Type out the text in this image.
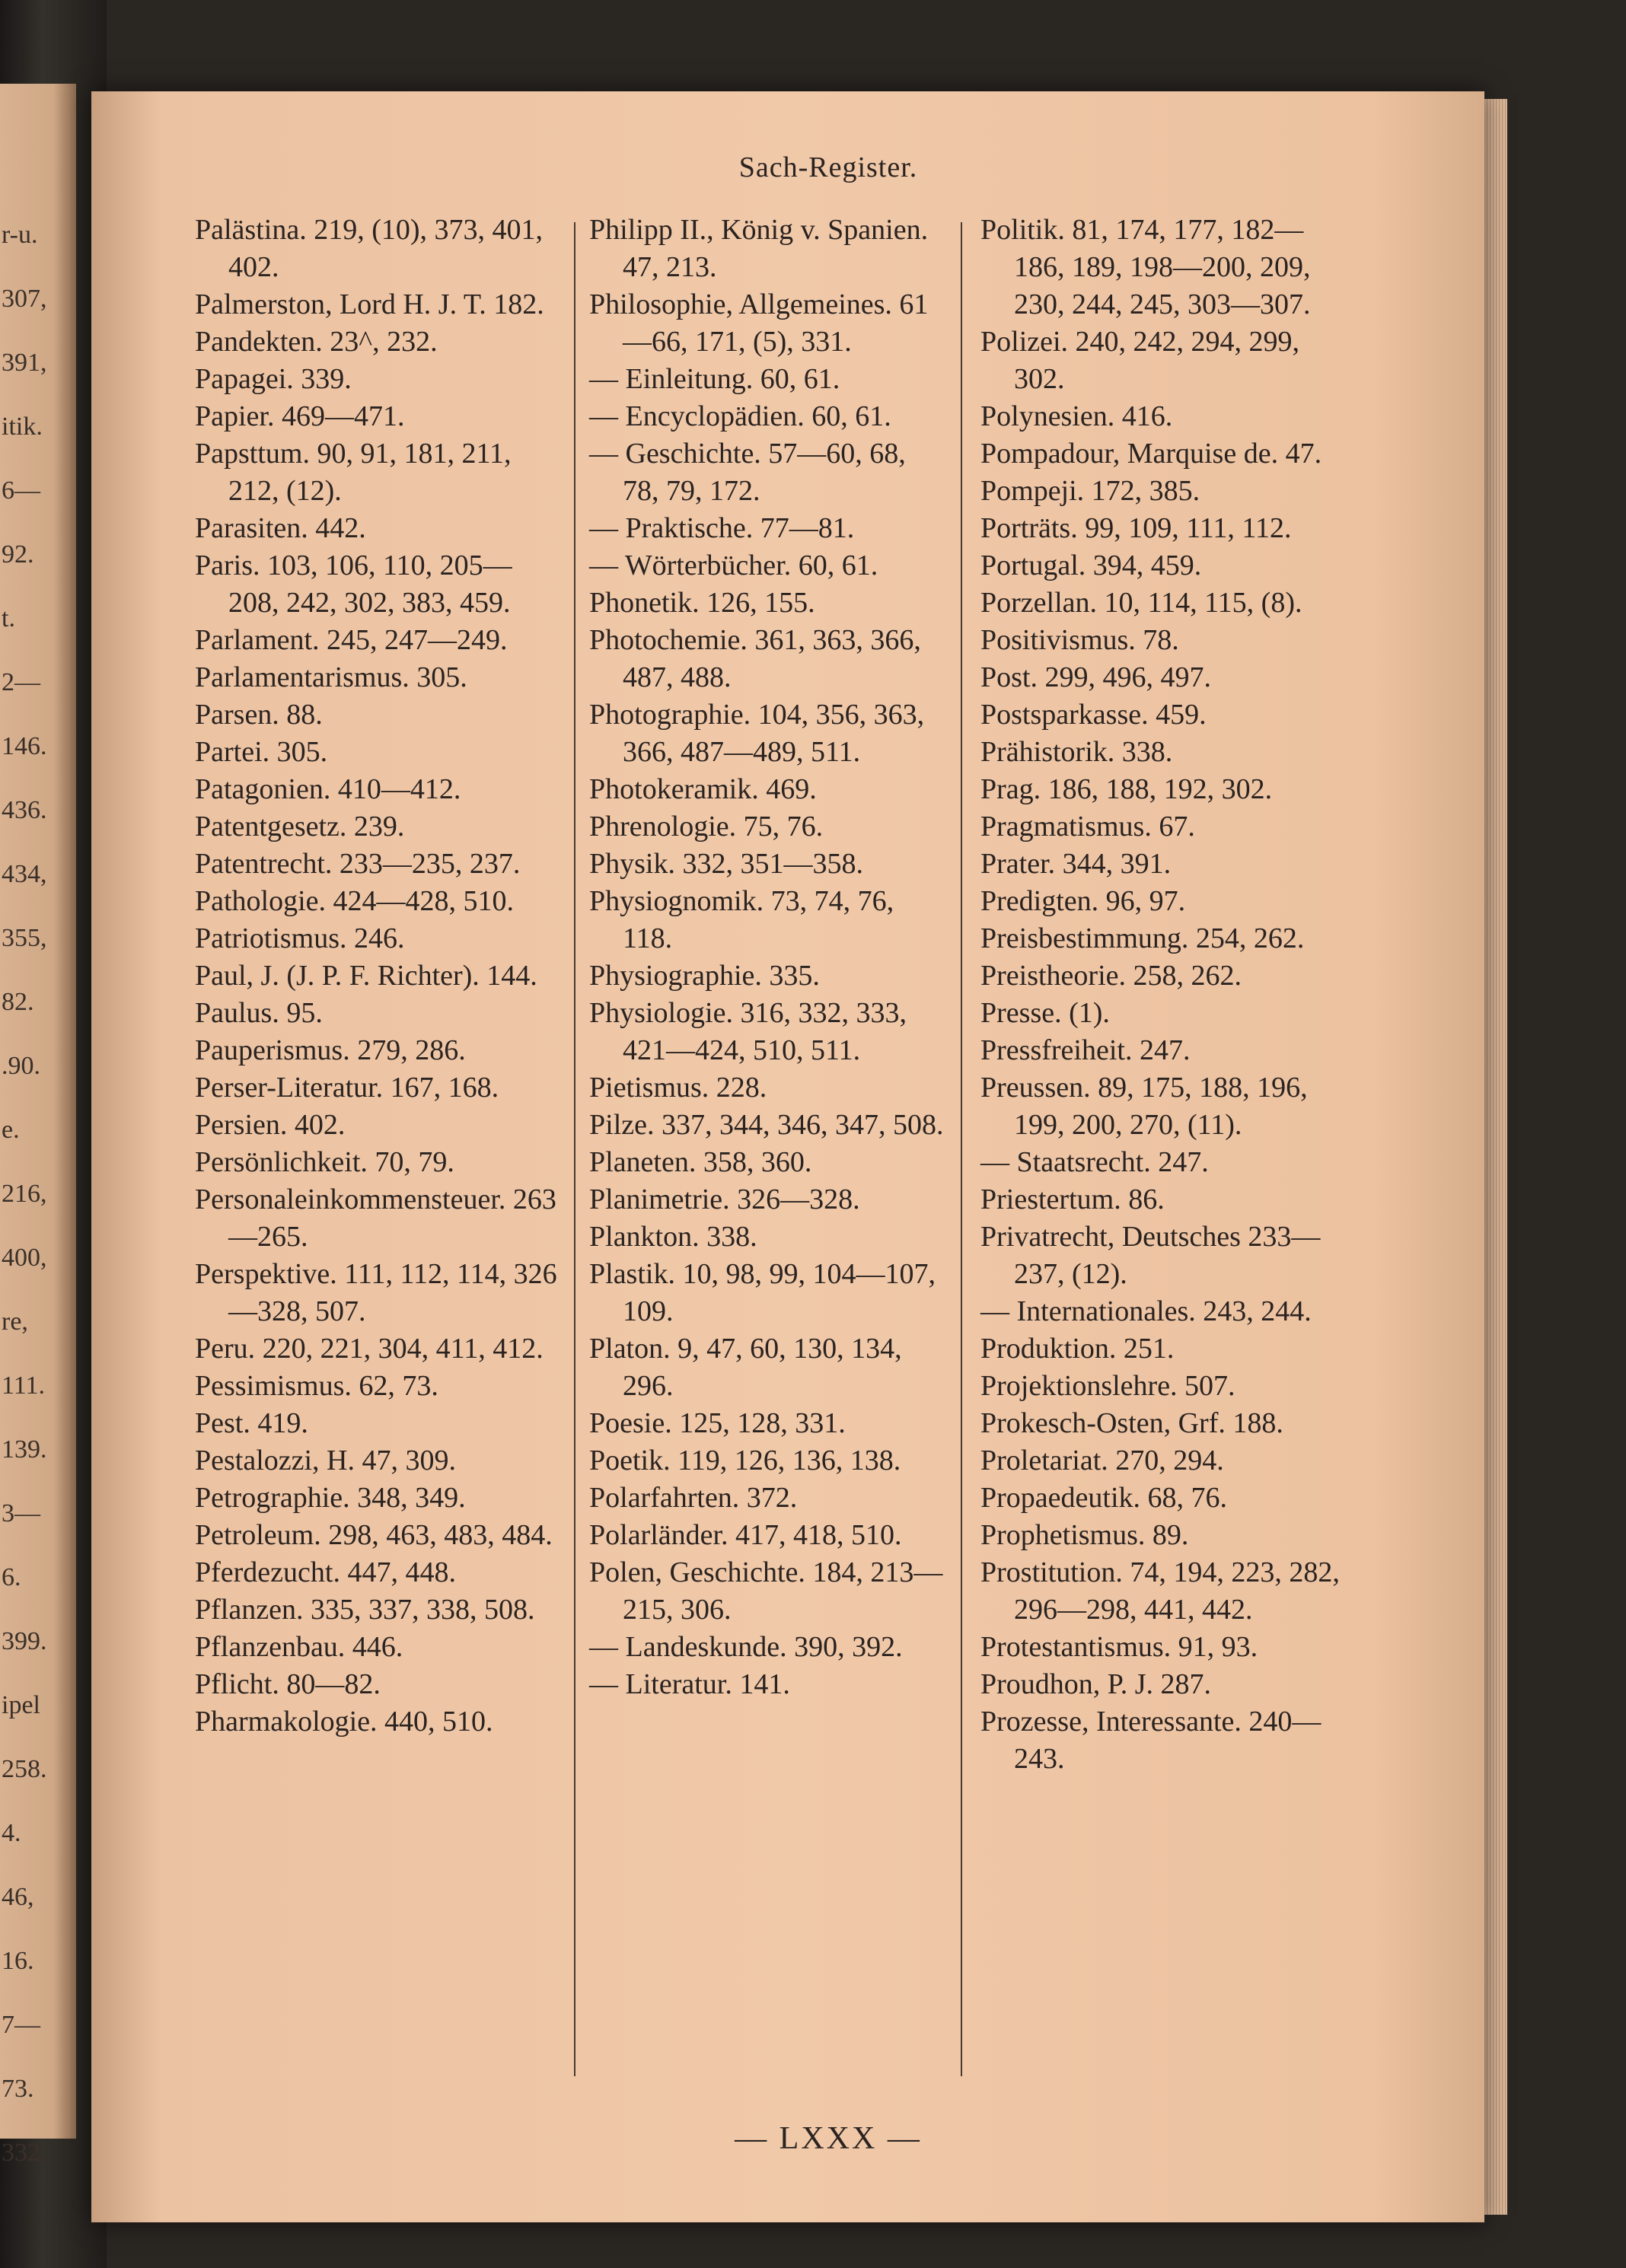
r-u.
307,
391,
itik.
6—
92.
t.
2—
146.
436.
434,
355,
82.
.90.
e.
216,
400,
re,
111.
139.
3—
6.
399.
ipel
258.
4.
46,
16.
7—
73.
332,
Sach-Register.
Palästina. 219, (10), 373, 401, 402.
Palmerston, Lord H. J. T. 182.
Pandekten. 23^, 232.
Papagei. 339.
Papier. 469—471.
Papsttum. 90, 91, 181, 211, 212, (12).
Parasiten. 442.
Paris. 103, 106, 110, 205—208, 242, 302, 383, 459.
Parlament. 245, 247—249.
Parlamentarismus. 305.
Parsen. 88.
Partei. 305.
Patagonien. 410—412.
Patentgesetz. 239.
Patentrecht. 233—235, 237.
Pathologie. 424—428, 510.
Patriotismus. 246.
Paul, J. (J. P. F. Richter). 144.
Paulus. 95.
Pauperismus. 279, 286.
Perser-Literatur. 167, 168.
Persien. 402.
Persönlichkeit. 70, 79.
Personaleinkommensteuer. 263—265.
Perspektive. 111, 112, 114, 326—328, 507.
Peru. 220, 221, 304, 411, 412.
Pessimismus. 62, 73.
Pest. 419.
Pestalozzi, H. 47, 309.
Petrographie. 348, 349.
Petroleum. 298, 463, 483, 484.
Pferdezucht. 447, 448.
Pflanzen. 335, 337, 338, 508.
Pflanzenbau. 446.
Pflicht. 80—82.
Pharmakologie. 440, 510.
Philipp II., König v. Spanien. 47, 213.
Philosophie, Allgemeines. 61—66, 171, (5), 331.
— Einleitung. 60, 61.
— Encyclopädien. 60, 61.
— Geschichte. 57—60, 68, 78, 79, 172.
— Praktische. 77—81.
— Wörterbücher. 60, 61.
Phonetik. 126, 155.
Photochemie. 361, 363, 366, 487, 488.
Photographie. 104, 356, 363, 366, 487—489, 511.
Photokeramik. 469.
Phrenologie. 75, 76.
Physik. 332, 351—358.
Physiognomik. 73, 74, 76, 118.
Physiographie. 335.
Physiologie. 316, 332, 333, 421—424, 510, 511.
Pietismus. 228.
Pilze. 337, 344, 346, 347, 508.
Planeten. 358, 360.
Planimetrie. 326—328.
Plankton. 338.
Plastik. 10, 98, 99, 104—107, 109.
Platon. 9, 47, 60, 130, 134, 296.
Poesie. 125, 128, 331.
Poetik. 119, 126, 136, 138.
Polarfahrten. 372.
Polarländer. 417, 418, 510.
Polen, Geschichte. 184, 213—215, 306.
— Landeskunde. 390, 392.
— Literatur. 141.
Politik. 81, 174, 177, 182—186, 189, 198—200, 209, 230, 244, 245, 303—307.
Polizei. 240, 242, 294, 299, 302.
Polynesien. 416.
Pompadour, Marquise de. 47.
Pompeji. 172, 385.
Porträts. 99, 109, 111, 112.
Portugal. 394, 459.
Porzellan. 10, 114, 115, (8).
Positivismus. 78.
Post. 299, 496, 497.
Postsparkasse. 459.
Prähistorik. 338.
Prag. 186, 188, 192, 302.
Pragmatismus. 67.
Prater. 344, 391.
Predigten. 96, 97.
Preisbestimmung. 254, 262.
Preistheorie. 258, 262.
Presse. (1).
Pressfreiheit. 247.
Preussen. 89, 175, 188, 196, 199, 200, 270, (11).
— Staatsrecht. 247.
Priestertum. 86.
Privatrecht, Deutsches 233—237, (12).
— Internationales. 243, 244.
Produktion. 251.
Projektionslehre. 507.
Prokesch-Osten, Grf. 188.
Proletariat. 270, 294.
Propaedeutik. 68, 76.
Prophetismus. 89.
Prostitution. 74, 194, 223, 282, 296—298, 441, 442.
Protestantismus. 91, 93.
Proudhon, P. J. 287.
Prozesse, Interessante. 240—243.
— LXXX —
